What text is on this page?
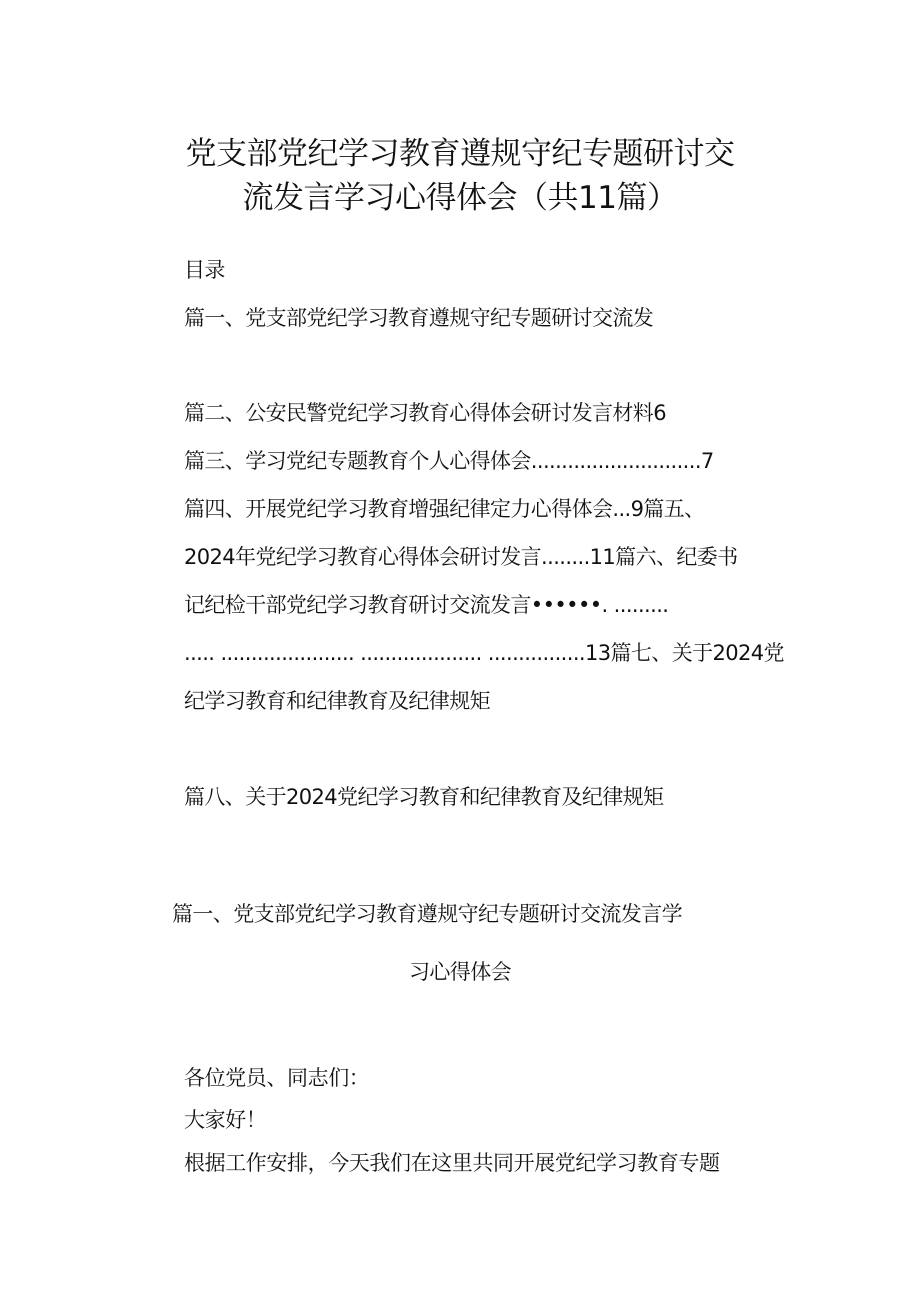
党支部党纪学习教育遵规守纪专题研讨交
流发言学习心得体会（共11篇）

目录

篇一、党支部党纪学习教育遵规守纪专题研讨交流发

篇二、公安民警党纪学习教育心得体会研讨发言材料6

篇三、学习党纪专题教育个人心得体会............................7

篇四、开展党纪学习教育增强纪律定力心得体会...9篇五、

2024年党纪学习教育心得体会研讨发言........11篇六、纪委书

记纪检干部党纪学习教育研讨交流发言••••••. .........

..... ...................... .................... ................13篇七、关于2024党

纪学习教育和纪律教育及纪律规矩

篇八、关于2024党纪学习教育和纪律教育及纪律规矩

篇一、党支部党纪学习教育遵规守纪专题研讨交流发言学
习心得体会

各位党员、同志们：

大家好！

根据工作安排，今天我们在这里共同开展党纪学习教育专题
